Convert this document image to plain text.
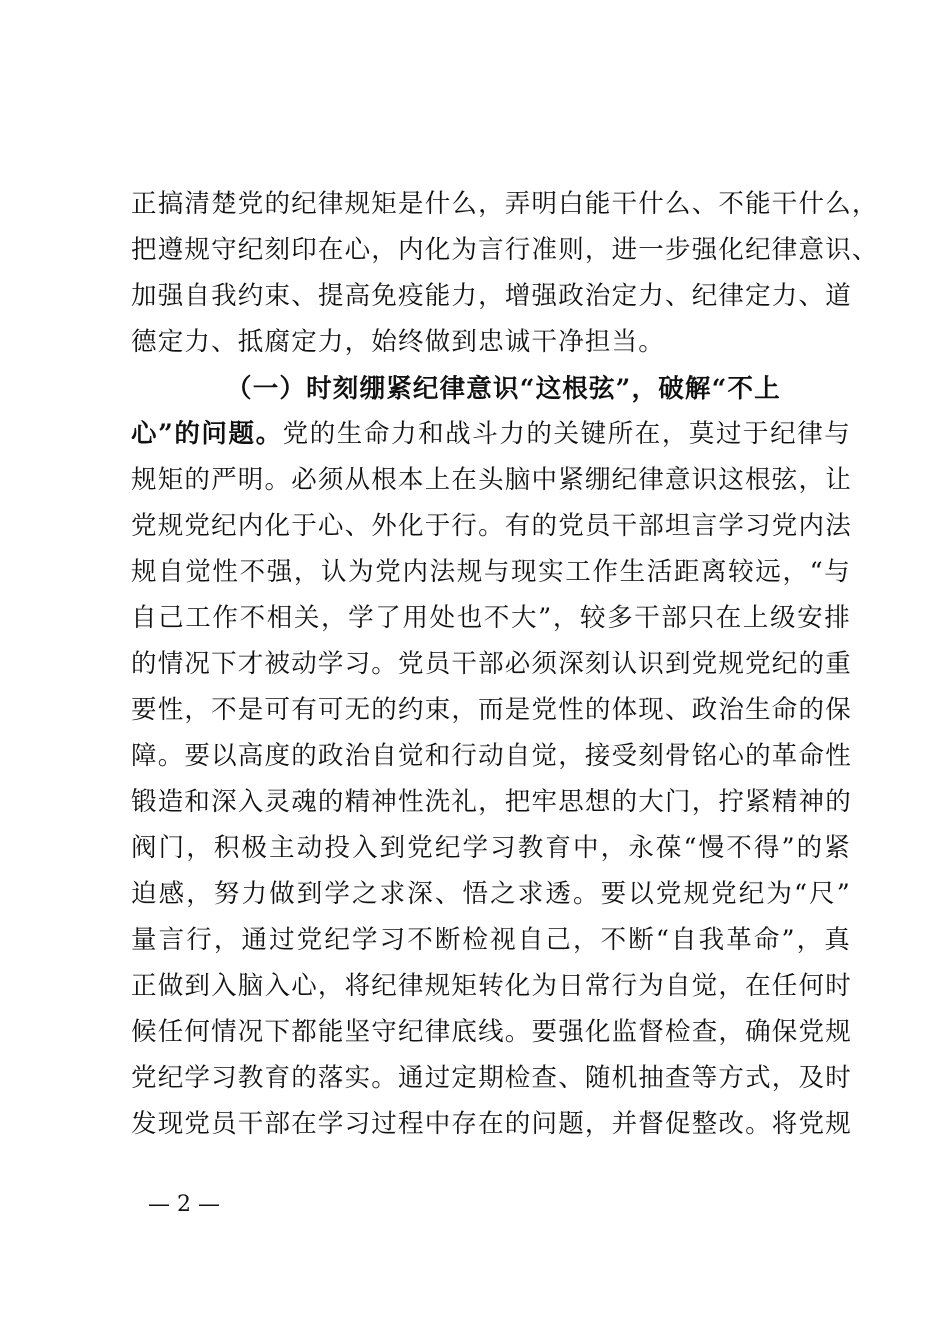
正搞清楚党的纪律规矩是什么，弄明白能干什么、不能干什么，
把遵规守纪刻印在心，内化为言行准则，进一步强化纪律意识、
加强自我约束、提高免疫能力，增强政治定力、纪律定力、道
德定力、抵腐定力，始终做到忠诚干净担当。
（一）时刻绷紧纪律意识“这根弦”，破解“不上
心”的问题。党的生命力和战斗力的关键所在，莫过于纪律与
规矩的严明。必须从根本上在头脑中紧绷纪律意识这根弦，让
党规党纪内化于心、外化于行。有的党员干部坦言学习党内法
规自觉性不强，认为党内法规与现实工作生活距离较远，“与
自己工作不相关，学了用处也不大”，较多干部只在上级安排
的情况下才被动学习。党员干部必须深刻认识到党规党纪的重
要性，不是可有可无的约束，而是党性的体现、政治生命的保
障。要以高度的政治自觉和行动自觉，接受刻骨铭心的革命性
锻造和深入灵魂的精神性洗礼，把牢思想的大门，拧紧精神的
阀门，积极主动投入到党纪学习教育中，永葆“慢不得”的紧
迫感，努力做到学之求深、悟之求透。要以党规党纪为“尺”
量言行，通过党纪学习不断检视自己，不断“自我革命”，真
正做到入脑入心，将纪律规矩转化为日常行为自觉，在任何时
候任何情况下都能坚守纪律底线。要强化监督检查，确保党规
党纪学习教育的落实。通过定期检查、随机抽查等方式，及时
发现党员干部在学习过程中存在的问题，并督促整改。将党规
— 2 —
